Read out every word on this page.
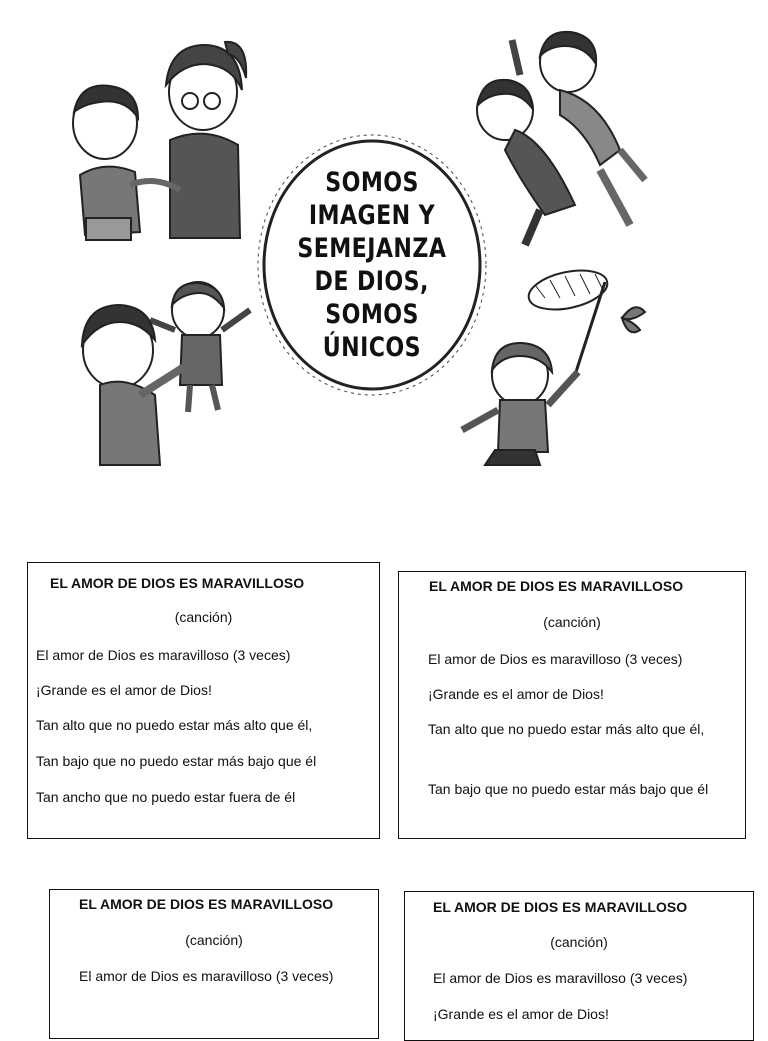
SOMOS
IMAGEN Y
SEMEJANZA
DE DIOS,
SOMOS
ÚNICOS
EL AMOR DE DIOS ES MARAVILLOSO
(canción)
El amor de Dios es maravilloso (3 veces)
¡Grande es el amor de Dios!
Tan alto que no puedo estar más alto que él,
Tan bajo que no puedo estar más bajo que él
Tan ancho que no puedo estar fuera de él
EL AMOR DE DIOS ES MARAVILLOSO
(canción)
El amor de Dios es maravilloso (3 veces)
¡Grande es el amor de Dios!
Tan alto que no puedo estar más alto que él,
Tan bajo que no puedo estar más bajo que él
EL AMOR DE DIOS ES MARAVILLOSO
(canción)
El amor de Dios es maravilloso (3 veces)
EL AMOR DE DIOS ES MARAVILLOSO
(canción)
El amor de Dios es maravilloso (3 veces)
¡Grande es el amor de Dios!
